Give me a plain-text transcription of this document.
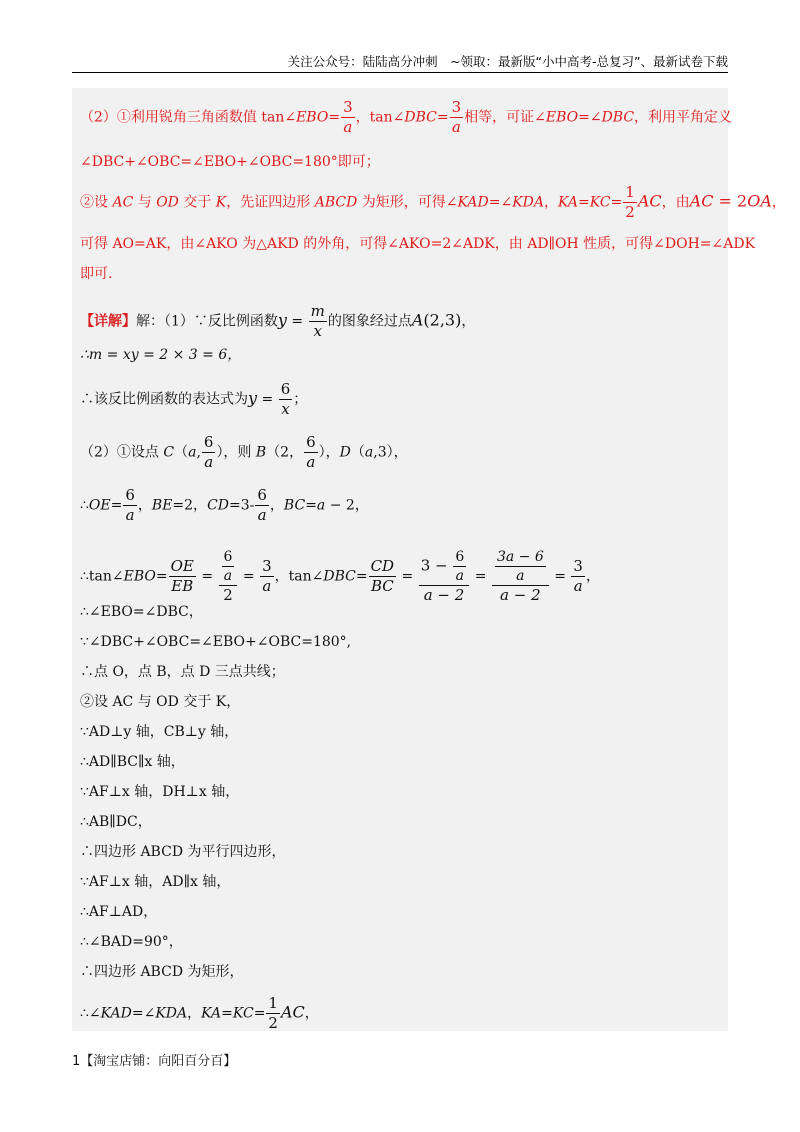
关注公众号：陆陆高分冲刺　~领取：最新版“小中高考-总复习”、最新试卷下载
（2）①利用锐角三角函数值 tan∠EBO= $\frac{3}{a}$ ，tan∠DBC= $\frac{3}{a}$ 相等，可证∠EBO=∠DBC，利用平角定义
∠DBC+∠OBC=∠EBO+∠OBC=180°即可；
②设 AC 与 OD 交于 K，先证四边形 ABCD 为矩形，可得∠KAD=∠KDA，$KA=KC= \frac{1}{2}$ AC，由AC = 2OA，
可得 AO=AK，由∠AKO 为△AKD 的外角，可得∠AKO=2∠ADK，由 AD∥OH 性质，可得∠DOH=∠ADK
即可.
【详解】解：（1）∵反比例函数$y = \frac{m}{x}$ 的图象经过点A(2,3)，
∴m = xy = 2 × 3 = 6，
∴该反比例函数的表达式为$y = \frac{6}{x}$ ；
（2）①设点 C（a, $\frac{6}{a}$ ），则 B（2， $\frac{6}{a}$ ），D（a,3），
∴OE= $\frac{6}{a}$ ，BE=2，$CD=3- \frac{6}{a}$ ，BC=a − 2，
∴tan∠EBO= $\frac{OE}{EB} = \frac{\frac{6}{a}}{2} = \frac{3}{a}$ ，tan∠DBC= $\frac{CD}{BC} = \frac{3 - \frac{6}{a}}{a - 2} = \frac{\frac{3a - 6}{a}}{a - 2} = \frac{3}{a}$ ，
∴∠EBO=∠DBC，
∵∠DBC+∠OBC=∠EBO+∠OBC=180°,
∴点 O，点 B，点 D 三点共线；
②设 AC 与 OD 交于 K，
∵AD⊥y 轴，CB⊥y 轴，
∴AD∥BC∥x 轴，
∵AF⊥x 轴，DH⊥x 轴，
∴AB∥DC，
∴四边形 ABCD 为平行四边形，
∵AF⊥x 轴，AD∥x 轴，
∴AF⊥AD，
∴∠BAD=90°，
∴四边形 ABCD 为矩形，
∴∠KAD=∠KDA，$KA=KC= \frac{1}{2}$ AC，
1【淘宝店铺：向阳百分百】
